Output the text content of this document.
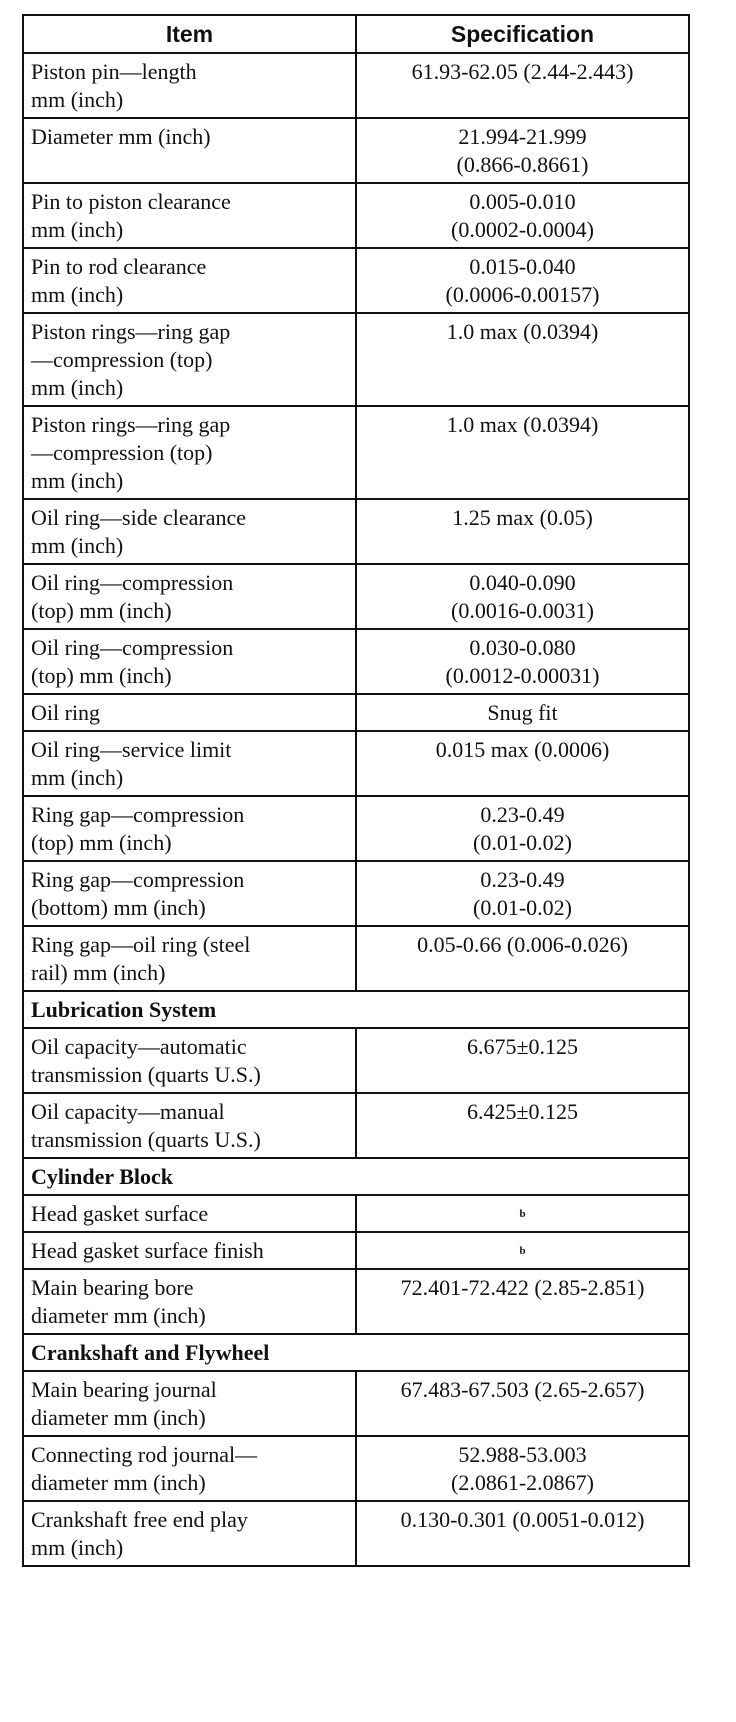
Item	Specification

Piston pin—length
mm (inch)	61.93-62.05 (2.44-2.443)

Diameter mm (inch)	21.994-21.999
(0.866-0.8661)

Pin to piston clearance
mm (inch)	0.005-0.010
(0.0002-0.0004)

Pin to rod clearance
mm (inch)	0.015-0.040
(0.0006-0.00157)

Piston rings—ring gap
—compression (top)
mm (inch)	1.0 max (0.0394)

Piston rings—ring gap
—compression (top)
mm (inch)	1.0 max (0.0394)

Oil ring—side clearance
mm (inch)	1.25 max (0.05)

Oil ring—compression
(top) mm (inch)	0.040-0.090
(0.0016-0.0031)

Oil ring—compression
(top) mm (inch)	0.030-0.080
(0.0012-0.00031)

Oil ring	Snug fit

Oil ring—service limit
mm (inch)	0.015 max (0.0006)

Ring gap—compression
(top) mm (inch)	0.23-0.49
(0.01-0.02)

Ring gap—compression
(bottom) mm (inch)	0.23-0.49
(0.01-0.02)

Ring gap—oil ring (steel
rail) mm (inch)	0.05-0.66 (0.006-0.026)

Lubrication System	

Oil capacity—automatic
transmission (quarts U.S.)	6.675±0.125

Oil capacity—manual
transmission (quarts U.S.)	6.425±0.125

Cylinder Block	

Head gasket surface	b

Head gasket surface finish	b

Main bearing bore
diameter mm (inch)	72.401-72.422 (2.85-2.851)

Crankshaft and Flywheel	

Main bearing journal
diameter mm (inch)	67.483-67.503 (2.65-2.657)

Connecting rod journal—
diameter mm (inch)	52.988-53.003
(2.0861-2.0867)

Crankshaft free end play
mm (inch)	0.130-0.301 (0.0051-0.012)
